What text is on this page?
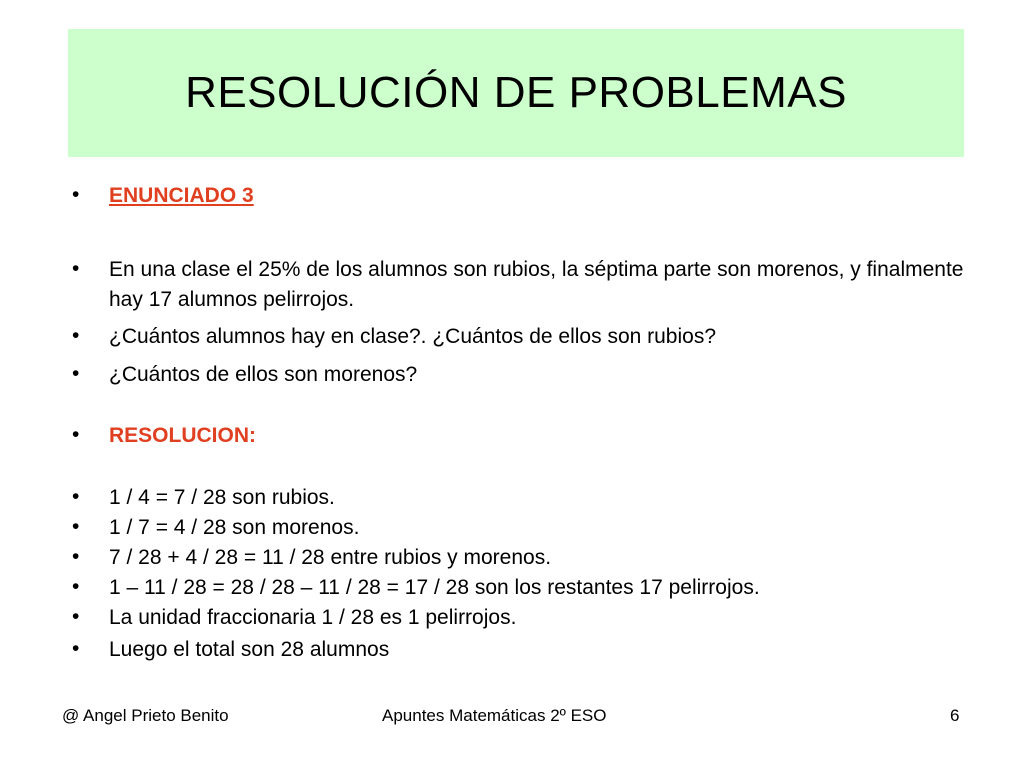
RESOLUCIÓN DE PROBLEMAS
• ENUNCIADO 3
• En una clase el 25% de los alumnos son rubios, la séptima parte son morenos, y finalmente hay 17 alumnos pelirrojos.
• ¿Cuántos alumnos hay en clase?. ¿Cuántos de ellos son rubios?
• ¿Cuántos de ellos son morenos?
• RESOLUCION:
• 1 / 4 = 7 / 28 son rubios.
• 1 / 7 = 4 / 28 son morenos.
• 7 / 28 + 4 / 28 = 11 / 28 entre rubios y morenos.
• 1 – 11 / 28 = 28 / 28 – 11 / 28 = 17 / 28 son los restantes 17 pelirrojos.
• La unidad fraccionaria 1 / 28 es 1 pelirrojos.
• Luego el total son 28 alumnos
@ Angel Prieto Benito	Apuntes Matemáticas 2º ESO	6
